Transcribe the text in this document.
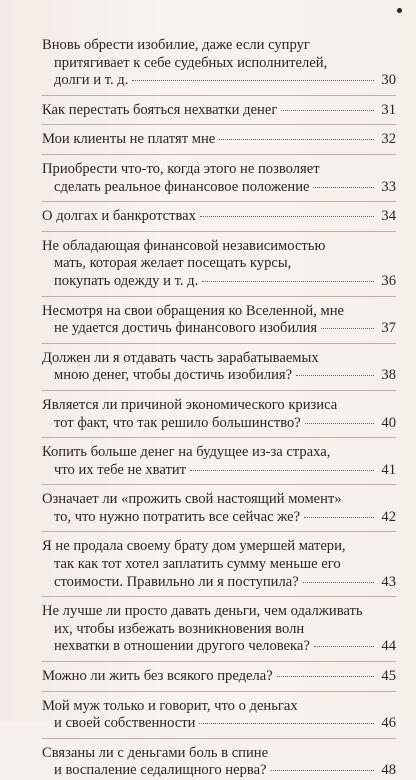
Вновь обрести изобилие, даже если супруг
притягивает к себе судебных исполнителей,
долги и т. д.	30
Как перестать бояться нехватки денег	31
Мои клиенты не платят мне	32
Приобрести что-то, когда этого не позволяет
сделать реальное финансовое положение	33
О долгах и банкротствах	34
Не обладающая финансовой независимостью
мать, которая желает посещать курсы,
покупать одежду и т. д.	36
Несмотря на свои обращения ко Вселенной, мне
не удается достичь финансового изобилия	37
Должен ли я отдавать часть зарабатываемых
мною денег, чтобы достичь изобилия?	38
Является ли причиной экономического кризиса
тот факт, что так решило большинство?	40
Копить больше денег на будущее из-за страха,
что их тебе не хватит	41
Означает ли «прожить свой настоящий момент»
то, что нужно потратить все сейчас же?	42
Я не продала своему брату дом умершей матери,
так как тот хотел заплатить сумму меньше его
стоимости. Правильно ли я поступила?	43
Не лучше ли просто давать деньги, чем одалживать
их, чтобы избежать возникновения волн
нехватки в отношении другого человека?	44
Можно ли жить без всякого предела?	45
Мой муж только и говорит, что о деньгах
и своей собственности	46
Связаны ли с деньгами боль в спине
и воспаление седалищного нерва?	48
